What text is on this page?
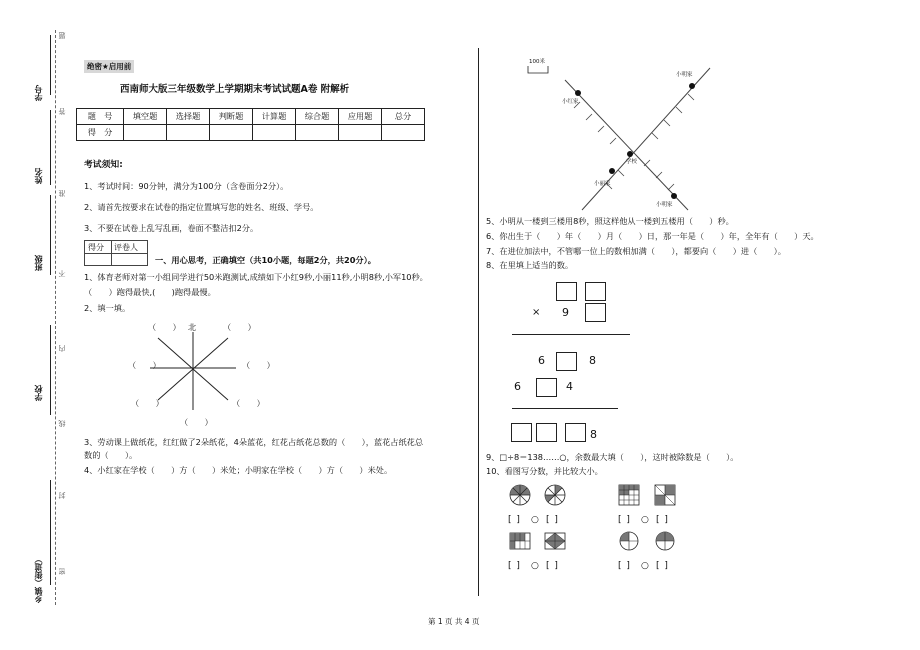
学号
姓名
班级
学校
乡镇（街道）
题
答
准
不
内
线
封
密
绝密★启用前
西南师大版三年级数学上学期期末考试试题A卷 附解析
题　号	填空题	选择题	判断题	计算题	综合题	应用题	总分
得　分							
考试须知:
1、考试时间：90分钟，满分为100分（含卷面分2分）。
2、请首先按要求在试卷的指定位置填写您的姓名、班级、学号。
3、不要在试卷上乱写乱画，卷面不整洁扣2分。
得分 评卷人
一、用心思考，正确填空（共10小题，每题2分，共20分）。
1、体育老师对第一小组同学进行50米跑测试,成绩如下小红9秒,小丽11秒,小明8秒,小军10秒。
（　　）跑得最快,(　　)跑得最慢。
2、填一填。
（　　） 北	（　　）
（　　）	（　　）
（　　）	（　　）
（　　）
3、劳动课上做纸花，红红做了2朵纸花，4朵蓝花，红花占纸花总数的（　　），蓝花占纸花总
数的（　　）。
4、小红家在学校（　　）方（　　）米处；小明家在学校（　　）方（　　）米处。
100米
小红家
小明家
学校
小丽家
小明家
5、小明从一楼到三楼用8秒，照这样他从一楼到五楼用（　　）秒。
6、你出生于（　　）年（　　）月（　　）日，那一年是（　　）年，全年有（　　）天。
7、在进位加法中，不管哪一位上的数相加满（　　），都要向（　　）进（　　）。
8、在里填上适当的数。
× 9
6	8
6	4
8
9、□÷8＝138……○，余数最大填（　　），这时被除数是（　　）。
10、看图写分数，并比较大小。
[ ] ○ [ ]	[ ] ○ [ ]
[ ] ○ [ ]	[ ] ○ [ ]
第 1 页 共 4 页
